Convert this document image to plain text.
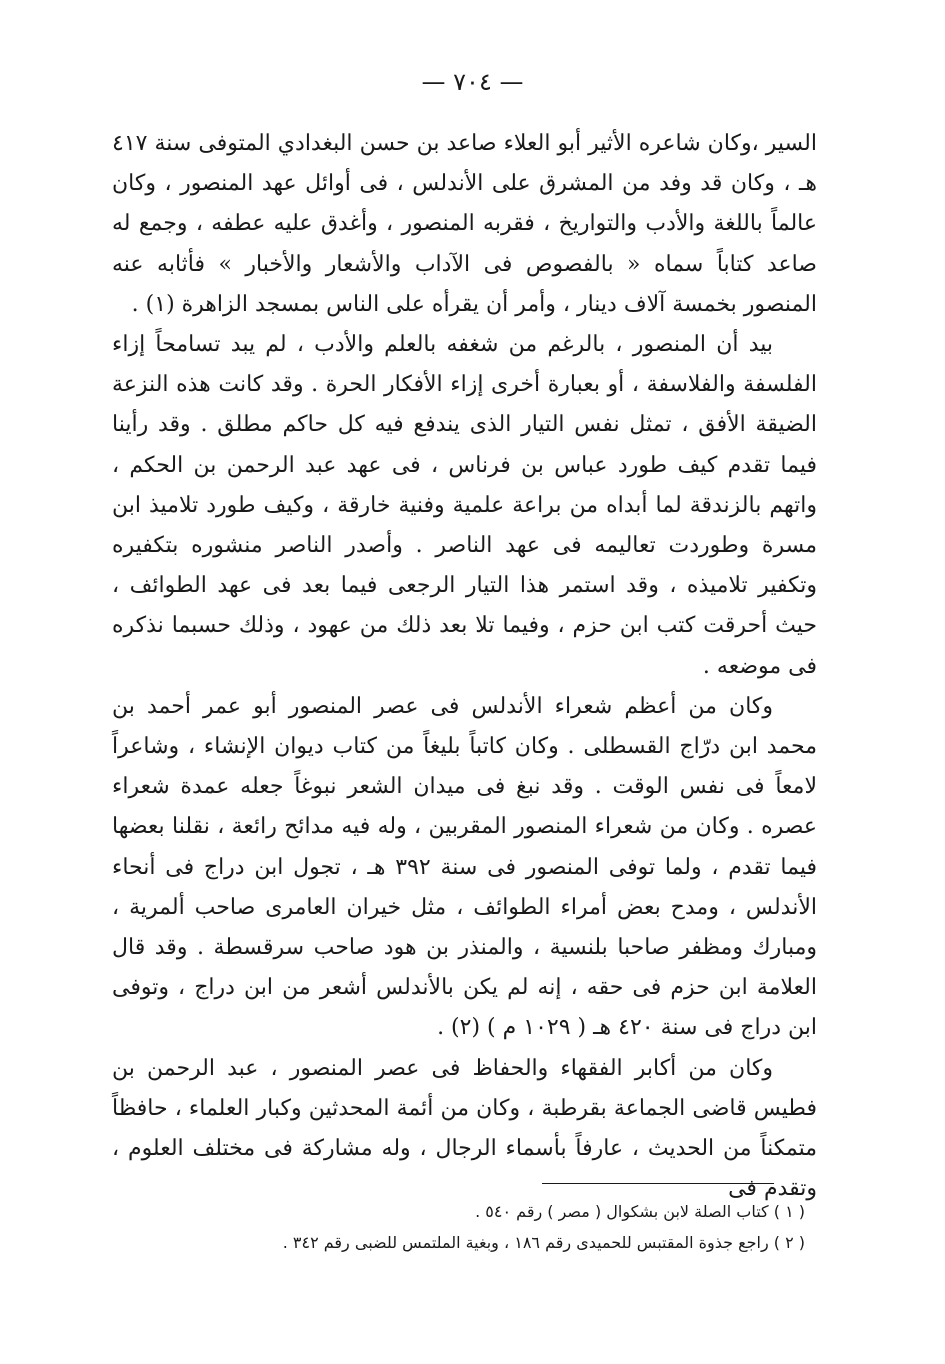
— ٧٠٤ —

السير ،وكان شاعره الأثير أبو العلاء صاعد بن حسن البغدادي المتوفى سنة ٤١٧ هـ ، وكان قد وفد من المشرق على الأندلس ، فى أوائل عهد المنصور ، وكان عالماً باللغة والأدب والتواريخ ، فقربه المنصور ، وأغدق عليه عطفه ، وجمع له صاعد كتاباً سماه « بالفصوص فى الآداب والأشعار والأخبار » فأثابه عنه المنصور بخمسة آلاف دينار ، وأمر أن يقرأه على الناس بمسجد الزاهرة (١) .

بيد أن المنصور ، بالرغم من شغفه بالعلم والأدب ، لم يبد تسامحاً إزاء الفلسفة والفلاسفة ، أو بعبارة أخرى إزاء الأفكار الحرة . وقد كانت هذه النزعة الضيقة الأفق ، تمثل نفس التيار الذى يندفع فيه كل حاكم مطلق . وقد رأينا فيما تقدم كيف طورد عباس بن فرناس ، فى عهد عبد الرحمن بن الحكم ، واتهم بالزندقة لما أبداه من براعة علمية وفنية خارقة ، وكيف طورد تلاميذ ابن مسرة وطوردت تعاليمه فى عهد الناصر . وأصدر الناصر منشوره بتكفيره وتكفير تلاميذه ، وقد استمر هذا التيار الرجعى فيما بعد فى عهد الطوائف ، حيث أحرقت كتب ابن حزم ، وفيما تلا بعد ذلك من عهود ، وذلك حسبما نذكره فى موضعه .

وكان من أعظم شعراء الأندلس فى عصر المنصور أبو عمر أحمد بن محمد ابن درّاج القسطلى . وكان كاتباً بليغاً من كتاب ديوان الإنشاء ، وشاعراً لامعاً فى نفس الوقت . وقد نبغ فى ميدان الشعر نبوغاً جعله عمدة شعراء عصره . وكان من شعراء المنصور المقربين ، وله فيه مدائح رائعة ، نقلنا بعضها فيما تقدم ، ولما توفى المنصور فى سنة ٣٩٢ هـ ، تجول ابن دراج فى أنحاء الأندلس ، ومدح بعض أمراء الطوائف ، مثل خيران العامرى صاحب ألمرية ، ومبارك ومظفر صاحبا بلنسية ، والمنذر بن هود صاحب سرقسطة . وقد قال العلامة ابن حزم فى حقه ، إنه لم يكن بالأندلس أشعر من ابن دراج ، وتوفى ابن دراج فى سنة ٤٢٠ هـ ( ١٠٢٩ م ) (٢) .

وكان من أكابر الفقهاء والحفاظ فى عصر المنصور ، عبد الرحمن بن فطيس قاضى الجماعة بقرطبة ، وكان من أئمة المحدثين وكبار العلماء ، حافظاً متمكناً من الحديث ، عارفاً بأسماء الرجال ، وله مشاركة فى مختلف العلوم ، وتقدم فى

( ١ ) كتاب الصلة لابن بشكوال ( مصر ) رقم ٥٤٠ .

( ٢ ) راجع جذوة المقتبس للحميدى رقم ١٨٦ ، وبغية الملتمس للضبى رقم ٣٤٢ .
